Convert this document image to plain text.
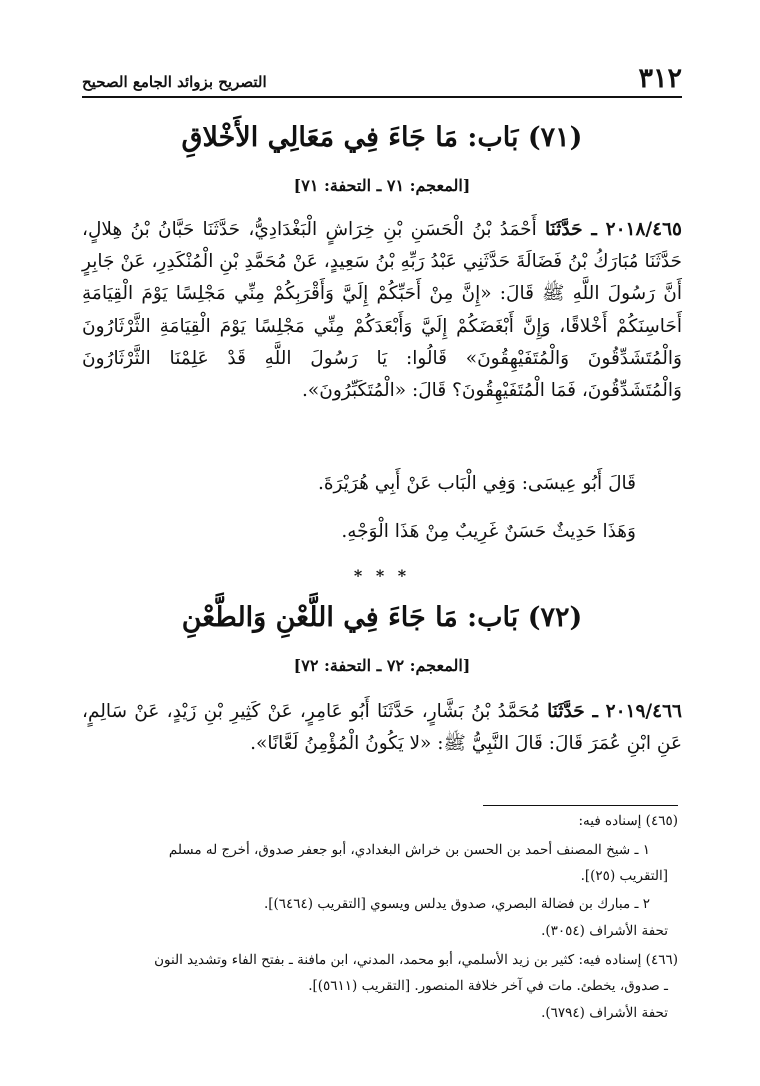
٣١٢
التصريح بزوائد الجامع الصحيح
(٧١) بَاب: مَا جَاءَ فِي مَعَالِي الأَخْلاقِ
[المعجم: ٧١ ـ التحفة: ٧١]

٢٠١٨/٤٦٥ ـ حَدَّثَنَا أَحْمَدُ بْنُ الْحَسَنِ بْنِ خِرَاشٍ الْبَغْدَادِيُّ، حَدَّثَنَا حَبَّانُ بْنُ هِلالٍ، حَدَّثَنَا مُبَارَكُ بْنُ فَضَالَةَ حَدَّثَنِي عَبْدُ رَبِّهِ بْنُ سَعِيدٍ، عَنْ مُحَمَّدِ بْنِ الْمُنْكَدِرِ، عَنْ جَابِرٍ أَنَّ رَسُولَ اللَّهِ ﷺ قَالَ: «إِنَّ مِنْ أَحَبِّكُمْ إِلَيَّ وَأَقْرَبِكُمْ مِنِّي مَجْلِسًا يَوْمَ الْقِيَامَةِ أَحَاسِنَكُمْ أَخْلاقًا، وَإِنَّ أَبْغَضَكُمْ إِلَيَّ وَأَبْعَدَكُمْ مِنِّي مَجْلِسًا يَوْمَ الْقِيَامَةِ الثَّرْثَارُونَ وَالْمُتَشَدِّقُونَ وَالْمُتَفَيْهِقُونَ» قَالُوا: يَا رَسُولَ اللَّهِ قَدْ عَلِمْنَا الثَّرْثَارُونَ وَالْمُتَشَدِّقُونَ، فَمَا الْمُتَفَيْهِقُونَ؟ قَالَ: «الْمُتَكَبِّرُونَ».

قَالَ أَبُو عِيسَى: وَفِي الْبَاب عَنْ أَبِي هُرَيْرَةَ.

وَهَذَا حَدِيثٌ حَسَنٌ غَرِيبٌ مِنْ هَذَا الْوَجْهِ.

* * *
(٧٢) بَاب: مَا جَاءَ فِي اللَّعْنِ وَالطَّعْنِ
[المعجم: ٧٢ ـ التحفة: ٧٢]

٢٠١٩/٤٦٦ ـ حَدَّثَنَا مُحَمَّدُ بْنُ بَشَّارٍ، حَدَّثَنَا أَبُو عَامِرٍ، عَنْ كَثِيرِ بْنِ زَيْدٍ، عَنْ سَالِمٍ، عَنِ ابْنِ عُمَرَ قَالَ: قَالَ النَّبِيُّ ﷺ: «لا يَكُونُ الْمُؤْمِنُ لَعَّانًا».

(٤٦٥) إسناده فيه:

١ ـ شيخ المصنف أحمد بن الحسن بن خراش البغدادي، أبو جعفر صدوق، أخرج له مسلم

[التقريب (٢٥)].

٢ ـ مبارك بن فضالة البصري، صدوق يدلس ويسوي [التقريب (٦٤٦٤)].

تحفة الأشراف (٣٠٥٤).

(٤٦٦) إسناده فيه: كثير بن زيد الأسلمي، أبو محمد، المدني، ابن مافنة ـ بفتح الفاء وتشديد النون

ـ صدوق، يخطئ. مات في آخر خلافة المنصور. [التقريب (٥٦١١)].

تحفة الأشراف (٦٧٩٤).
